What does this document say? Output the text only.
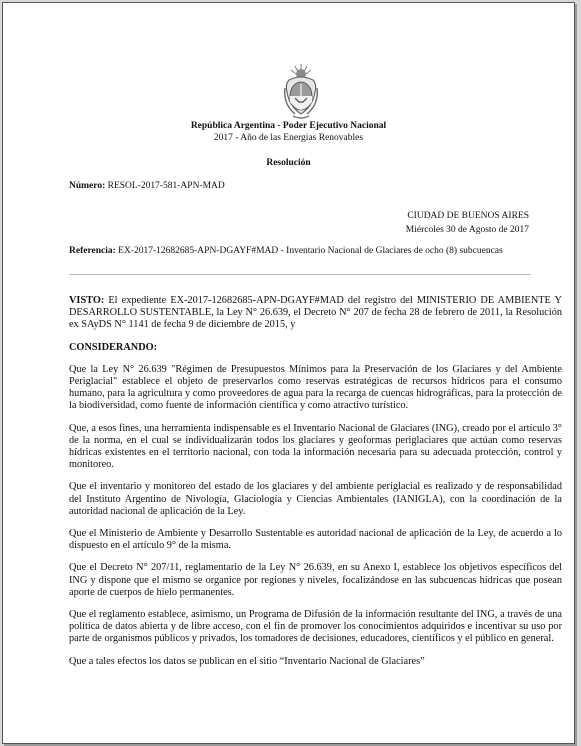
República Argentina - Poder Ejecutivo Nacional
2017 - Año de las Energías Renovables
Resolución
Número: RESOL-2017-581-APN-MAD
CIUDAD DE BUENOS AIRES
Miércoles 30 de Agosto de 2017
Referencia: EX-2017-12682685-APN-DGAYF#MAD - Inventario Nacional de Glaciares de ocho (8) subcuencas

VISTO: El expediente EX-2017-12682685-APN-DGAYF#MAD del registro del MINISTERIO DE AMBIENTE Y DESARROLLO SUSTENTABLE, la Ley N° 26.639, el Decreto N° 207 de fecha 28 de febrero de 2011, la Resolución ex SAyDS N° 1141 de fecha 9 de diciembre de 2015, y

CONSIDERANDO:

Que la Ley N° 26.639 "Régimen de Presupuestos Mínimos para la Preservación de los Glaciares y del Ambiente Periglacial" establece el objeto de preservarlos como reservas estratégicas de recursos hídricos para el consumo humano, para la agricultura y como proveedores de agua para la recarga de cuencas hidrográficas, para la protección de la biodiversidad, como fuente de información científica y como atractivo turístico.

Que, a esos fines, una herramienta indispensable es el Inventario Nacional de Glaciares (ING), creado por el artículo 3° de la norma, en el cual se individualizarán todos los glaciares y geoformas periglaciares que actúan como reservas hídricas existentes en el territorio nacional, con toda la información necesaria para su adecuada protección, control y monitoreo.

Que el inventario y monitoreo del estado de los glaciares y del ambiente periglacial es realizado y de responsabilidad del Instituto Argentino de Nivología, Glaciología y Ciencias Ambientales (IANIGLA), con la coordinación de la autoridad nacional de aplicación de la Ley.

Que el Ministerio de Ambiente y Desarrollo Sustentable es autoridad nacional de aplicación de la Ley, de acuerdo a lo dispuesto en el artículo 9° de la misma.

Que el Decreto N° 207/11, reglamentario de la Ley N° 26.639, en su Anexo I, establece los objetivos específicos del ING y dispone que el mismo se organice por regiones y niveles, focalizándose en las subcuencas hídricas que posean aporte de cuerpos de hielo permanentes.

Que el reglamento establece, asimismo, un Programa de Difusión de la información resultante del ING, a través de una política de datos abierta y de libre acceso, con el fin de promover los conocimientos adquiridos e incentivar su uso por parte de organismos públicos y privados, los tomadores de decisiones, educadores, científicos y el público en general.

Que a tales efectos los datos se publican en el sitio “Inventario Nacional de Glaciares”
